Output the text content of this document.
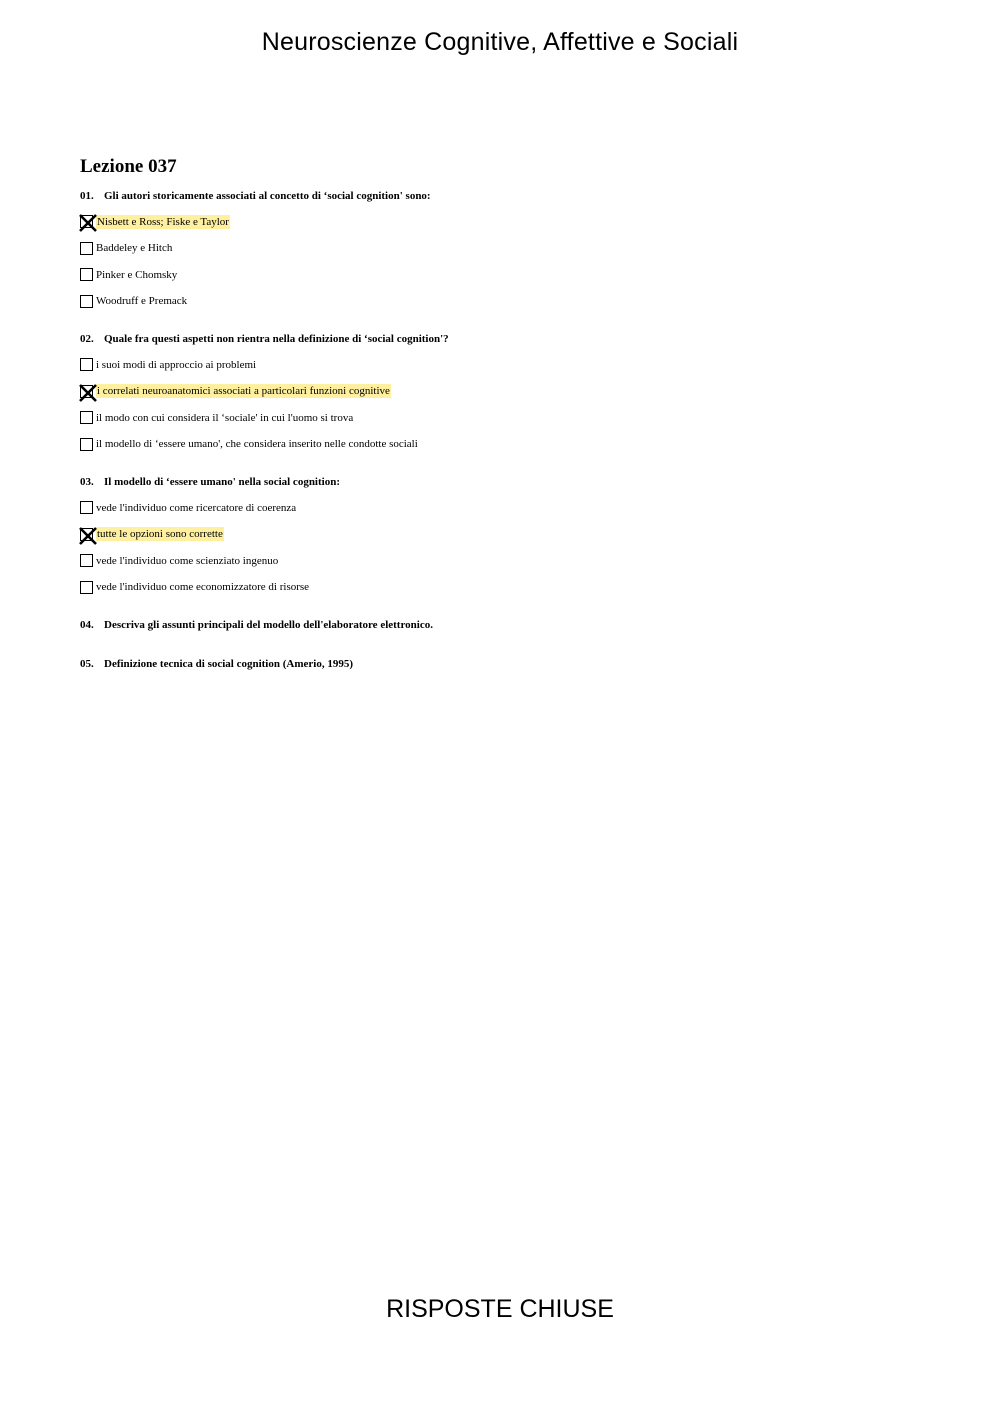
Neuroscienze Cognitive, Affettive e Sociali
Lezione 037
01. Gli autori storicamente associati al concetto di ‘social cognition' sono:
Nisbett e Ross; Fiske e Taylor
Baddeley e Hitch
Pinker e Chomsky
Woodruff e Premack
02. Quale fra questi aspetti non rientra nella definizione di ‘social cognition'?
i suoi modi di approccio ai problemi
i correlati neuroanatomici associati a particolari funzioni cognitive
il modo con cui considera il ‘sociale' in cui l'uomo si trova
il modello di ‘essere umano', che considera inserito nelle condotte sociali
03. Il modello di ‘essere umano' nella social cognition:
vede l'individuo come ricercatore di coerenza
tutte le opzioni sono corrette
vede l'individuo come scienziato ingenuo
vede l'individuo come economizzatore di risorse
04. Descriva gli assunti principali del modello dell'elaboratore elettronico.
05. Definizione tecnica di social cognition (Amerio, 1995)
RISPOSTE CHIUSE
